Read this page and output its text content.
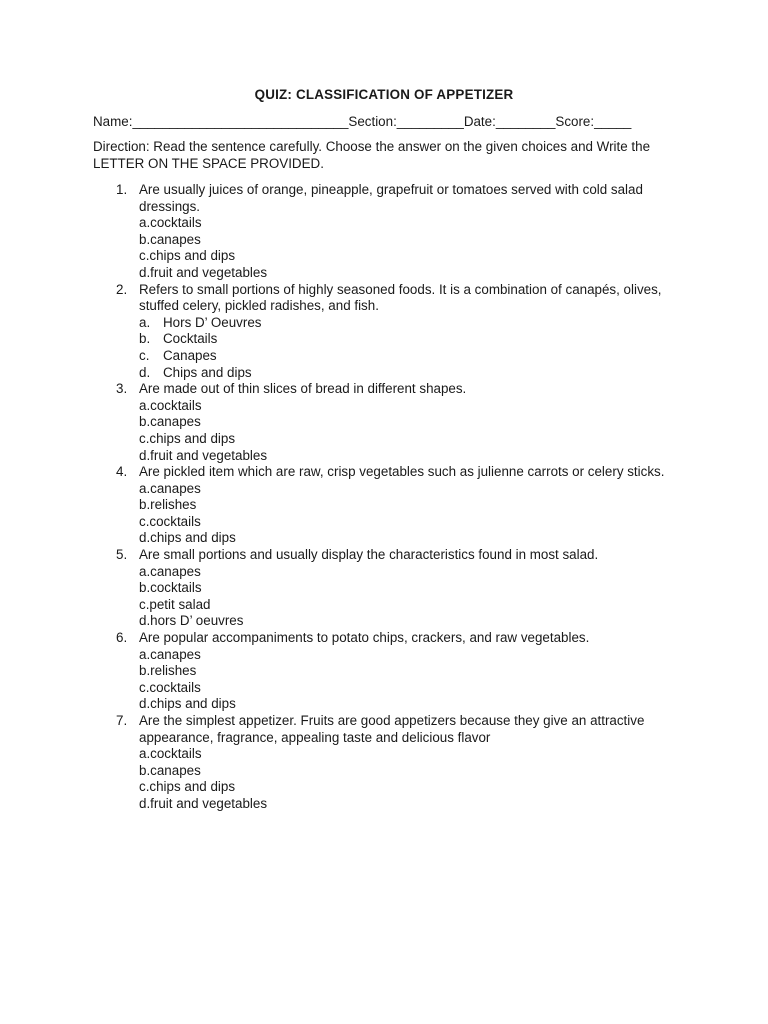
QUIZ: CLASSIFICATION OF APPETIZER
Name:_____________________________Section:_________Date:________Score:_____
Direction: Read the sentence carefully. Choose the answer on the given choices and Write the LETTER ON THE SPACE PROVIDED.
1. Are usually juices of orange, pineapple, grapefruit or tomatoes served with cold salad dressings.
a.cocktails
b.canapes
c.chips and dips
d.fruit and vegetables
2. Refers to small portions of highly seasoned foods. It is a combination of canapés, olives, stuffed celery, pickled radishes, and fish.
a. Hors D’ Oeuvres
b. Cocktails
c. Canapes
d. Chips and dips
3. Are made out of thin slices of bread in different shapes.
a.cocktails
b.canapes
c.chips and dips
d.fruit and vegetables
4. Are pickled item which are raw, crisp vegetables such as julienne carrots or celery sticks.
a.canapes
b.relishes
c.cocktails
d.chips and dips
5. Are small portions and usually display the characteristics found in most salad.
a.canapes
b.cocktails
c.petit salad
d.hors D’ oeuvres
6. Are popular accompaniments to potato chips, crackers, and raw vegetables.
a.canapes
b.relishes
c.cocktails
d.chips and dips
7. Are the simplest appetizer. Fruits are good appetizers because they give an attractive appearance, fragrance, appealing taste and delicious flavor
a.cocktails
b.canapes
c.chips and dips
d.fruit and vegetables
